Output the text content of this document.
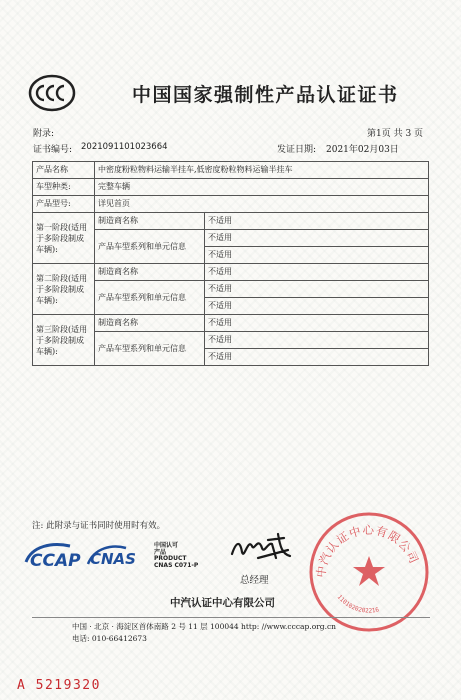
中国国家强制性产品认证证书
附录:	第1页 共 3 页
证书编号: 2021091101023664	发证日期: 2021年02月03日
产品名称	中密度粉粒物料运输半挂车,低密度粉粒物料运输半挂车	
车型种类:	完整车辆	
产品型号:	详见首页	
第一阶段(适用于多阶段制成车辆):	制造商名称	不适用
	产品车型系列和单元信息	不适用
		不适用
第二阶段(适用于多阶段制成车辆):	制造商名称	不适用
	产品车型系列和单元信息	不适用
		不适用
第三阶段(适用于多阶段制成车辆):	制造商名称	不适用
	产品车型系列和单元信息	不适用
		不适用
注: 此附录与证书同时使用时有效。
CCAP CNAS
中国认可
产品
PRODUCT
CNAS C071-P
总经理
中汽认证中心有限公司
1101020202216
中汽认证中心有限公司
中国 · 北京 · 海淀区首体南路 2 号 11 层 100044 http: //www.cccap.org.cn
电话: 010-66412673
A 5219320
